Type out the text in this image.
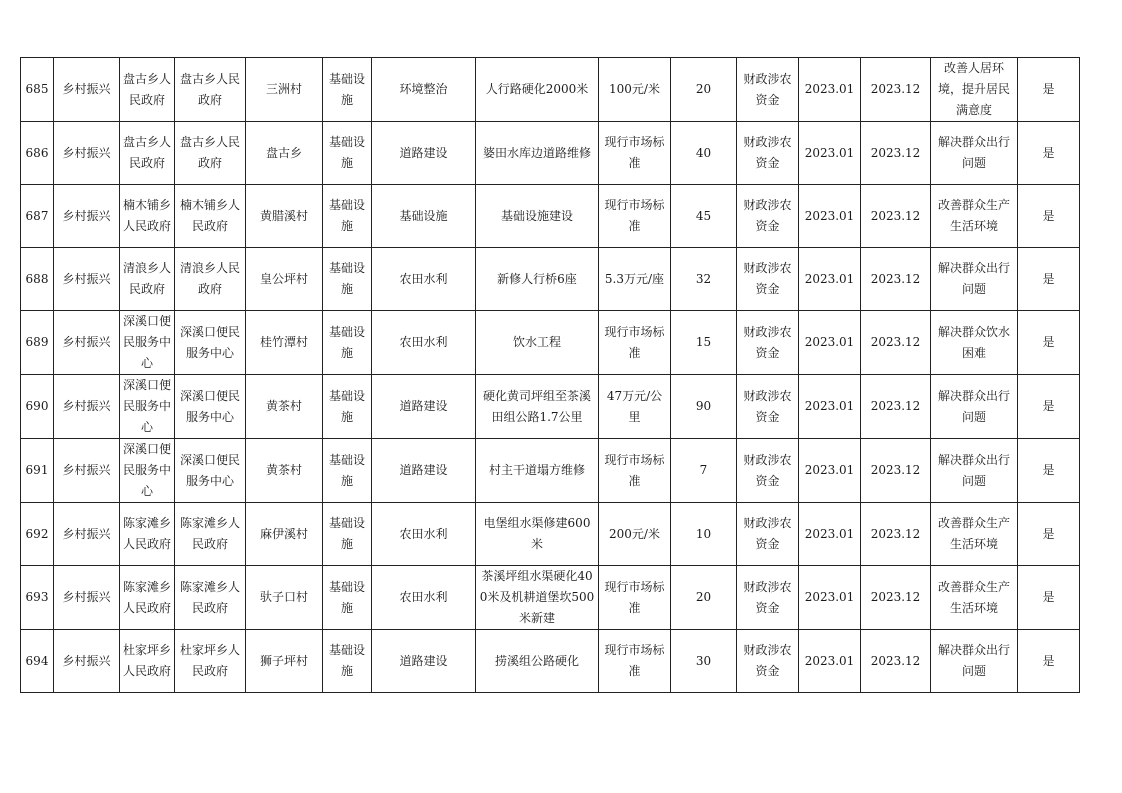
685	乡村振兴	盘古乡人民政府	盘古乡人民政府	三洲村	基础设施	环境整治	人行路硬化2000米	100元/米	20	财政涉农资金	2023.01	2023.12	改善人居环境，提升居民满意度	是
686	乡村振兴	盘古乡人民政府	盘古乡人民政府	盘古乡	基础设施	道路建设	婆田水库边道路维修	现行市场标准	40	财政涉农资金	2023.01	2023.12	解决群众出行问题	是
687	乡村振兴	楠木铺乡人民政府	楠木铺乡人民政府	黄腊溪村	基础设施	基础设施	基础设施建设	现行市场标准	45	财政涉农资金	2023.01	2023.12	改善群众生产生活环境	是
688	乡村振兴	清浪乡人民政府	清浪乡人民政府	皇公坪村	基础设施	农田水利	新修人行桥6座	5.3万元/座	32	财政涉农资金	2023.01	2023.12	解决群众出行问题	是
689	乡村振兴	深溪口便民服务中心	深溪口便民服务中心	桂竹潭村	基础设施	农田水利	饮水工程	现行市场标准	15	财政涉农资金	2023.01	2023.12	解决群众饮水困难	是
690	乡村振兴	深溪口便民服务中心	深溪口便民服务中心	黄茶村	基础设施	道路建设	硬化黄司坪组至茶溪田组公路1.7公里	47万元/公里	90	财政涉农资金	2023.01	2023.12	解决群众出行问题	是
691	乡村振兴	深溪口便民服务中心	深溪口便民服务中心	黄茶村	基础设施	道路建设	村主干道塌方维修	现行市场标准	7	财政涉农资金	2023.01	2023.12	解决群众出行问题	是
692	乡村振兴	陈家滩乡人民政府	陈家滩乡人民政府	麻伊溪村	基础设施	农田水利	电堡组水渠修建600米	200元/米	10	财政涉农资金	2023.01	2023.12	改善群众生产生活环境	是
693	乡村振兴	陈家滩乡人民政府	陈家滩乡人民政府	驮子口村	基础设施	农田水利	茶溪坪组水渠硬化400米及机耕道堡坎500米新建	现行市场标准	20	财政涉农资金	2023.01	2023.12	改善群众生产生活环境	是
694	乡村振兴	杜家坪乡人民政府	杜家坪乡人民政府	狮子坪村	基础设施	道路建设	捞溪组公路硬化	现行市场标准	30	财政涉农资金	2023.01	2023.12	解决群众出行问题	是
